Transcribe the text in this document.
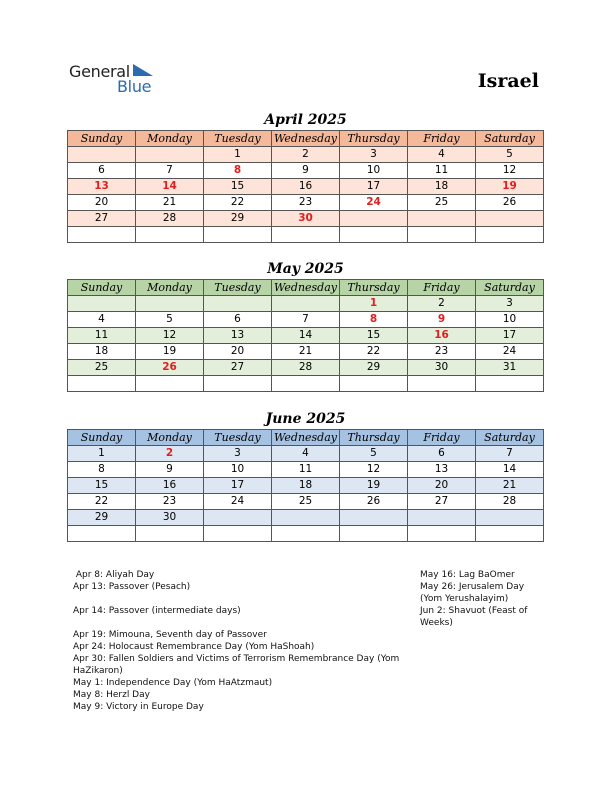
General
Blue	Israel
April 2025
Sunday	Monday	Tuesday	Wednesday	Thursday	Friday	Saturday
		1	2	3	4	5
6	7	8	9	10	11	12
13	14	15	16	17	18	19
20	21	22	23	24	25	26
27	28	29	30			

May 2025
Sunday	Monday	Tuesday	Wednesday	Thursday	Friday	Saturday
				1	2	3
4	5	6	7	8	9	10
11	12	13	14	15	16	17
18	19	20	21	22	23	24
25	26	27	28	29	30	31

June 2025
Sunday	Monday	Tuesday	Wednesday	Thursday	Friday	Saturday
1	2	3	4	5	6	7
8	9	10	11	12	13	14
15	16	17	18	19	20	21
22	23	24	25	26	27	28
29	30					

Apr 8: Aliyah Day
Apr 13: Passover (Pesach)
Apr 14: Passover (intermediate days)
Apr 19: Mimouna, Seventh day of Passover
Apr 24: Holocaust Remembrance Day (Yom HaShoah)
Apr 30: Fallen Soldiers and Victims of Terrorism Remembrance Day (Yom
HaZikaron)
May 1: Independence Day (Yom HaAtzmaut)
May 8: Herzl Day
May 9: Victory in Europe Day
May 16: Lag BaOmer
May 26: Jerusalem Day
(Yom Yerushalayim)
Jun 2: Shavuot (Feast of
Weeks)
